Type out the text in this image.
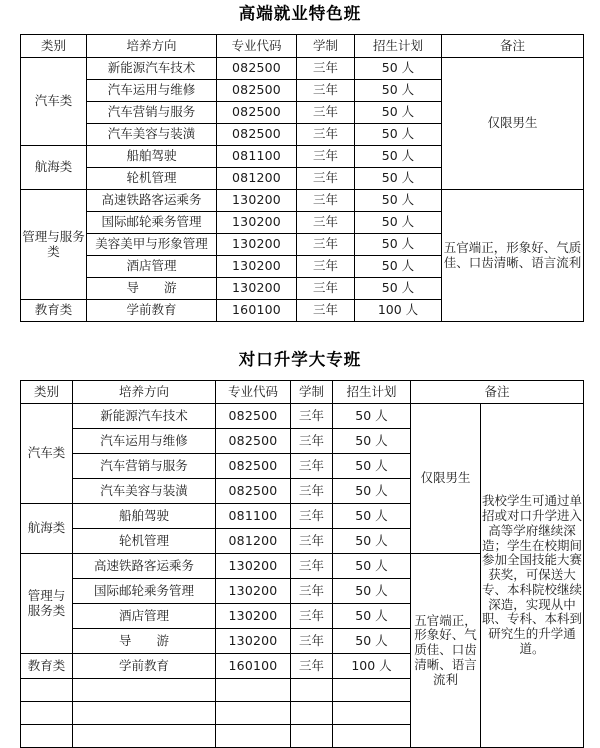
高端就业特色班
类别	培养方向	专业代码	学制	招生计划	备注
汽车类	新能源汽车技术	082500	三年	50 人	仅限男生
	汽车运用与维修	082500	三年	50 人	
	汽车营销与服务	082500	三年	50 人	
	汽车美容与装潢	082500	三年	50 人	
航海类	船舶驾驶	081100	三年	50 人	
	轮机管理	081200	三年	50 人	
管理与服务类	高速铁路客运乘务	130200	三年	50 人	五官端正，形象好、气质佳、口齿清晰、语言流利
	国际邮轮乘务管理	130200	三年	50 人	
	美容美甲与形象管理	130200	三年	50 人	
	酒店管理	130200	三年	50 人	
	导　　游	130200	三年	50 人	
教育类	学前教育	160100	三年	100 人	
对口升学大专班
类别	培养方向	专业代码	学制	招生计划	备注	
汽车类	新能源汽车技术	082500	三年	50 人	仅限男生	我校学生可通过单招或对口升学进入高等学府继续深造；学生在校期间参加全国技能大赛获奖，可保送大专、本科院校继续深造，实现从中职、专科、本科到研究生的升学通道。
	汽车运用与维修	082500	三年	50 人		
	汽车营销与服务	082500	三年	50 人		
	汽车美容与装潢	082500	三年	50 人		
航海类	船舶驾驶	081100	三年	50 人		
	轮机管理	081200	三年	50 人		
管理与服务类	高速铁路客运乘务	130200	三年	50 人	五官端正，形象好、气质佳、口齿清晰、语言流利	
	国际邮轮乘务管理	130200	三年	50 人		
	酒店管理	130200	三年	50 人		
	导　　游	130200	三年	50 人		
教育类	学前教育	160100	三年	100 人		
